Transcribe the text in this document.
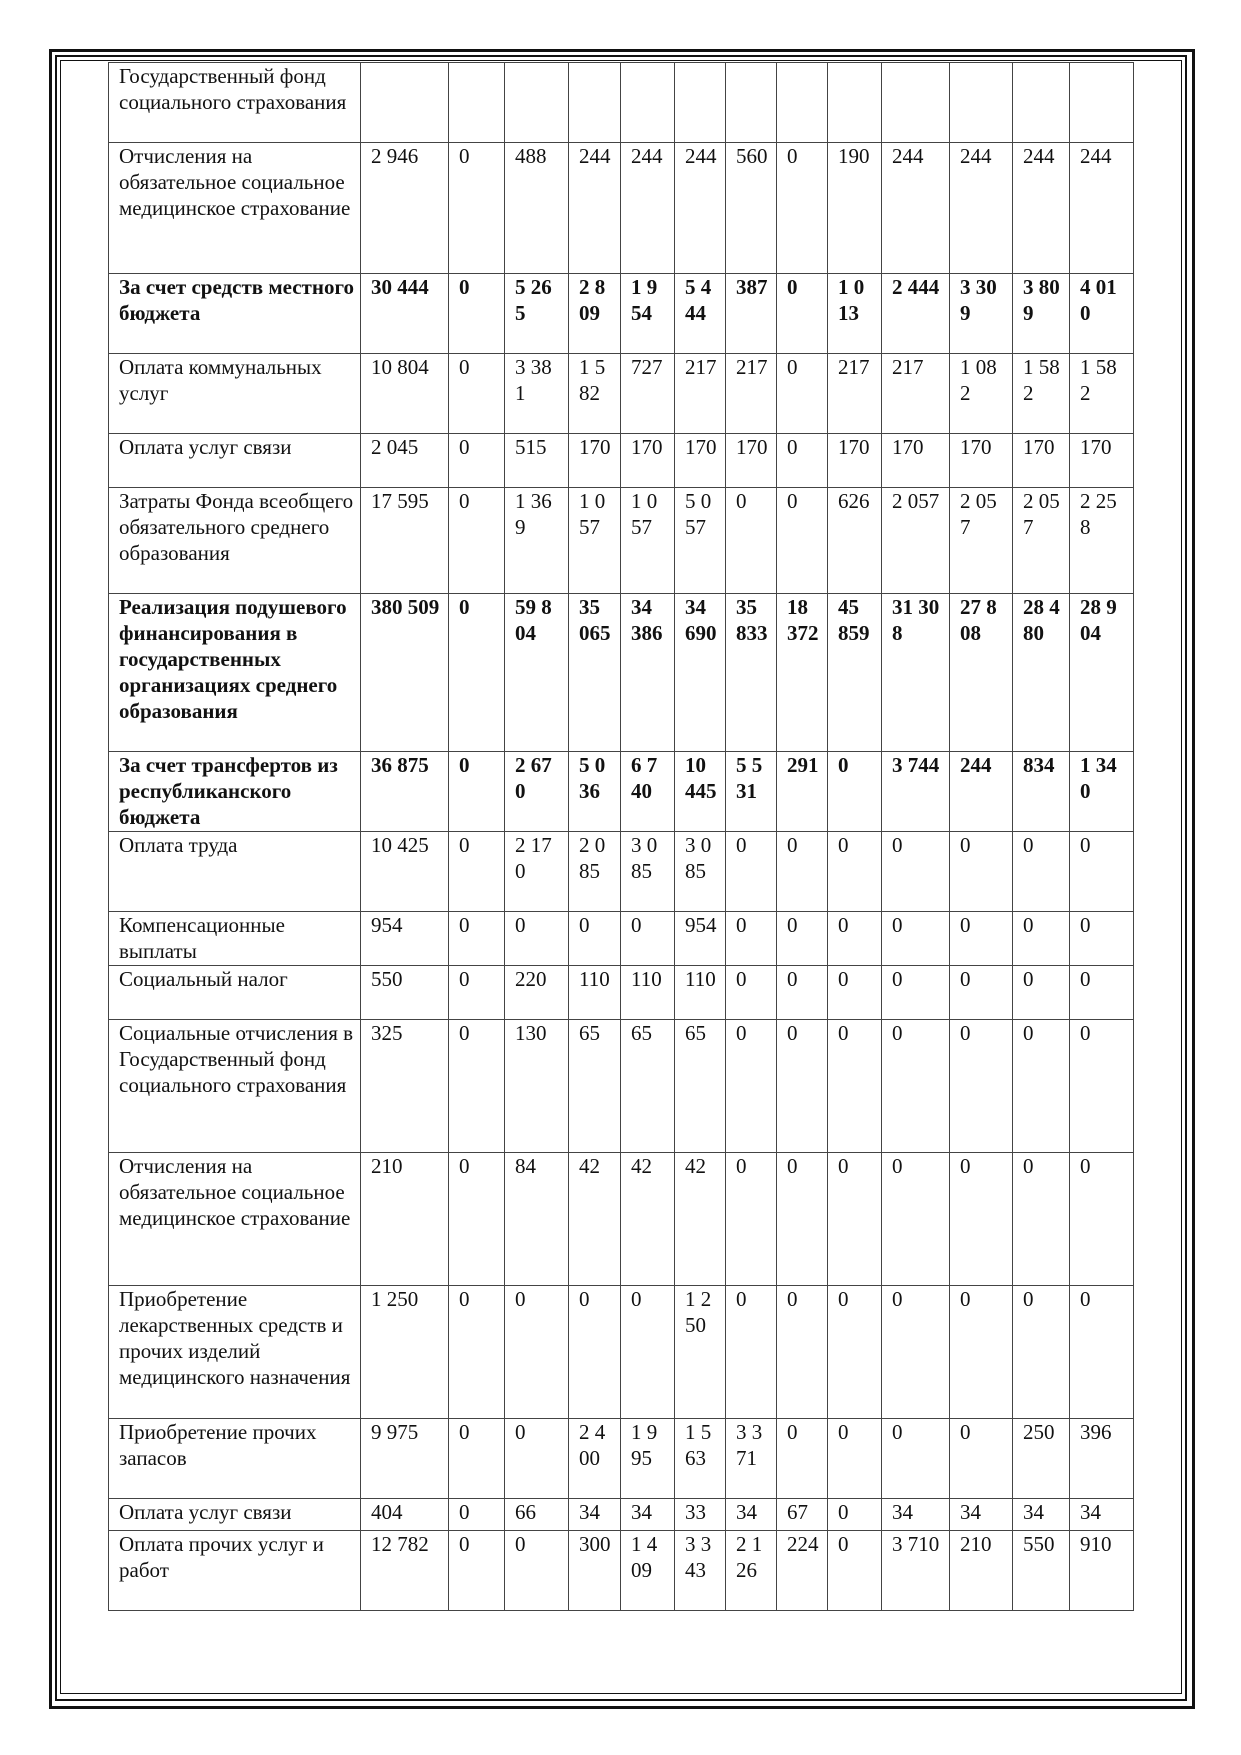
Государственный фонд социального страхования													
Отчисления на обязательное социальное медицинское страхование	2 946	0	488	244	244	244	560	0	190	244	244	244	244
За счет средств местного бюджета	30 444	0	5 265	2 809	1 954	5 444	387	0	1 013	2 444	3 309	3 809	4 010
Оплата коммунальных услуг	10 804	0	3 381	1 582	727	217	217	0	217	217	1 082	1 582	1 582
Оплата услуг связи	2 045	0	515	170	170	170	170	0	170	170	170	170	170
Затраты Фонда всеобщего обязательного среднего образования	17 595	0	1 369	1 057	1 057	5 057	0	0	626	2 057	2 057	2 057	2 258
Реализация подушевого финансирования в государственных организациях среднего образования	380 509	0	59 804	35 065	34 386	34 690	35 833	18 372	45 859	31 308	27 808	28 480	28 904
За счет трансфертов из республиканского бюджета	36 875	0	2 670	5 036	6 740	10 445	5 531	291	0	3 744	244	834	1 340
Оплата труда	10 425	0	2 170	2 085	3 085	3 085	0	0	0	0	0	0	0
Компенсационные выплаты	954	0	0	0	0	954	0	0	0	0	0	0	0
Социальный налог	550	0	220	110	110	110	0	0	0	0	0	0	0
Социальные отчисления в Государственный фонд социального страхования	325	0	130	65	65	65	0	0	0	0	0	0	0
Отчисления на обязательное социальное медицинское страхование	210	0	84	42	42	42	0	0	0	0	0	0	0
Приобретение лекарственных средств и прочих изделий медицинского назначения	1 250	0	0	0	0	1 250	0	0	0	0	0	0	0
Приобретение прочих запасов	9 975	0	0	2 400	1 995	1 563	3 371	0	0	0	0	250	396
Оплата услуг связи	404	0	66	34	34	33	34	67	0	34	34	34	34
Оплата прочих услуг и работ	12 782	0	0	300	1 409	3 343	2 126	224	0	3 710	210	550	910
